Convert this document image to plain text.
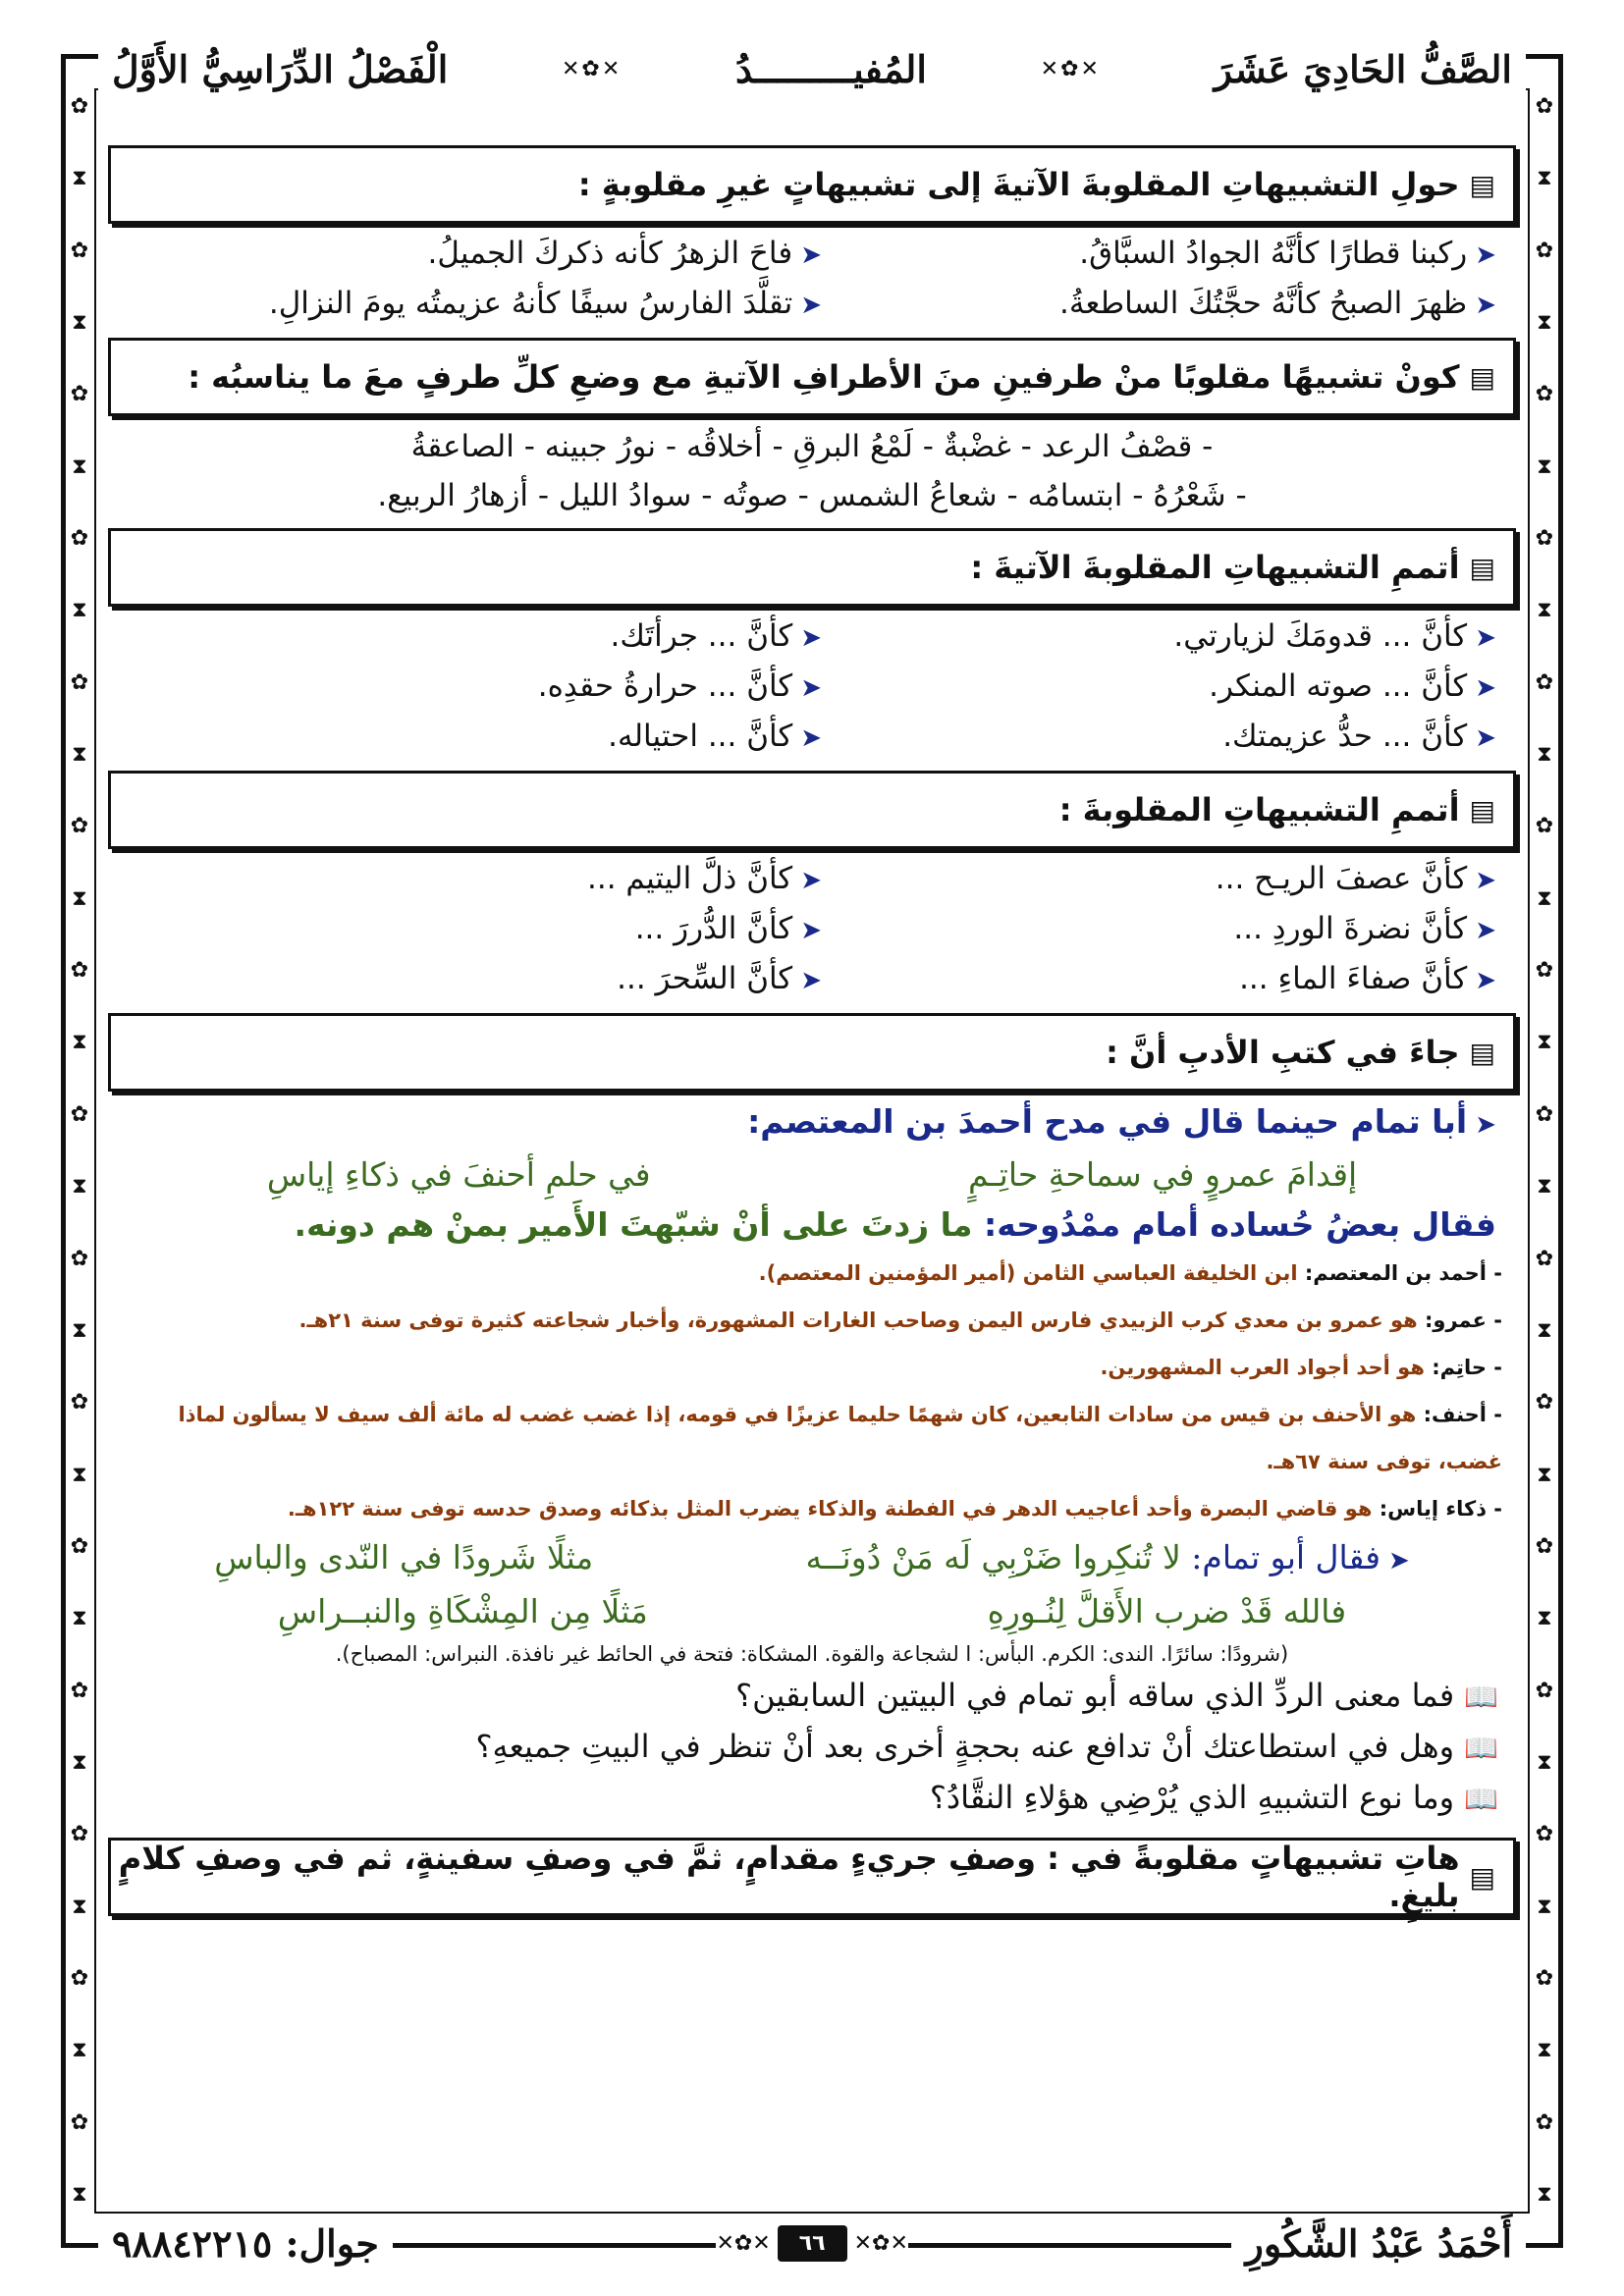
✿
⧗
✿
⧗
✿
⧗
✿
⧗
✿
⧗
✿
⧗
✿
⧗
✿
⧗
✿
⧗
✿
⧗
✿
⧗
✿
⧗
✿
⧗
✿
⧗
✿
⧗
✿
⧗
✿
⧗
✿
⧗
✿
⧗
✿
⧗
✿
⧗
✿
⧗
✿
⧗
✿
⧗
✿
⧗
✿
⧗
✿
⧗
✿
⧗
✿
⧗
✿
⧗
الصَّفُّ الحَادِيَ عَشَرَ
✕✿✕
المُفيـــــــــدُ
✕✿✕
الْفَصْلُ الدِّرَاسِيُّ الأَوَّلُ
▤
حولِ التشبيهاتِ المقلوبةَ الآتيةَ إلى تشبيهاتٍ غيرِ مقلوبةٍ :
➤ركبنا قطارًا كأنَّهُ الجوادُ السبَّاقُ.
➤فاحَ الزهرُ كأنه ذكركَ الجميلُ.
➤ظهرَ الصبحُ كأنَّهُ حجَّتُكَ الساطعةُ.
➤تقلَّدَ الفارسُ سيفًا كأنهُ عزيمتُه يومَ النزالِ.
▤
كونْ تشبيهًا مقلوبًا منْ طرفينِ منَ الأطرافِ الآتيةِ مع وضعِ كلِّ طرفٍ معَ ما يناسبُه :
- قصْفُ الرعد - غضْبةٌ - لَمْعُ البرقِ - أخلاقُه - نورُ جبينه - الصاعقةُ
- شَعْرُهُ - ابتسامُه - شعاعُ الشمس - صوتُه - سوادُ الليل - أزهارُ الربيع.
▤
أتممِ التشبيهاتِ المقلوبةَ الآتيةَ :
➤كأنَّ ... قدومَكَ لزيارتي.
➤كأنَّ ... جرأتَك.
➤كأنَّ ... صوته المنكر.
➤كأنَّ ... حرارةُ حقدِه.
➤كأنَّ ... حدُّ عزيمتك.
➤كأنَّ ... احتياله.
▤
أتممِ التشبيهاتِ المقلوبةَ :
➤كأنَّ عصفَ الريـح ...
➤كأنَّ ذلَّ اليتيم ...
➤كأنَّ نضرةَ الوردِ ...
➤كأنَّ الدُّررَ ...
➤كأنَّ صفاءَ الماءِ ...
➤كأنَّ السِّحرَ ...
▤
جاءَ في كتبِ الأدبِ أنَّ :
➤أبا تمام حينما قال في مدح أحمدَ بن المعتصم:
إقدامَ عمروٍ في سماحةِ حاتِـمٍ
في حلمِ أحنفَ في ذكاءِ إياسِ
فقال بعضُ حُساده أمام ممْدُوحه: ما زدتَ على أنْ شبّهتَ الأَمير بمنْ هم دونه.
- أحمد بن المعتصم: ابن الخليفة العباسي الثامن (أمير المؤمنين المعتصم).
- عمرو: هو عمرو بن معدي كرب الزبيدي فارس اليمن وصاحب الغارات المشهورة، وأخبار شجاعته كثيرة توفى سنة ٢١هـ.
- حاتِم: هو أحد أجواد العرب المشهورين.
- أحنف: هو الأحنف بن قيس من سادات التابعين، كان شهمًا حليما عزيزًا في قومه، إذا غضب غضب له مائة ألف سيف لا يسألون لماذا غضب، توفى سنة ٦٧هـ.
- ذكاء إياس: هو قاضي البصرة وأحد أعاجيب الدهر في الفطنة والذكاء يضرب المثل بذكائه وصدق حدسه توفى سنة ١٢٢هـ.
➤فقال أبو تمام: لا تُنكِروا ضَرْبِي لَه مَنْ دُونَــه
مثلًا شَرودًا في النّدى والباسِ
فالله قَدْ ضرب الأَقلَّ لِنُـورِهِ
مَثلًا مِن المِشْكَاةِ والنبــراسِ
(شرودًا: سائرًا. الندى: الكرم. البأس: ا لشجاعة والقوة. المشكاة: فتحة في الحائط غير نافذة. النبراس: المصباح).
📖فما معنى الردِّ الذي ساقه أبو تمام في البيتين السابقين؟
📖وهل في استطاعتك أنْ تدافع عنه بحجةٍ أخرى بعد أنْ تنظر في البيتِ جميعهِ؟
📖وما نوع التشبيهِ الذي يُرْضِي هؤلاءِ النقَّادُ؟
▤
هاتِ تشبيهاتٍ مقلوبةً في : وصفِ جريءٍ مقدامٍ، ثمَّ في وصفِ سفينةٍ، ثم في وصفِ كلامٍ بليغٍ.
أَحْمَدُ عَبْدُ الشَّكُورِ
✕✿✕ ٦٦ ✕✿✕
جوال: ٩٨٨٤٢٢١٥
